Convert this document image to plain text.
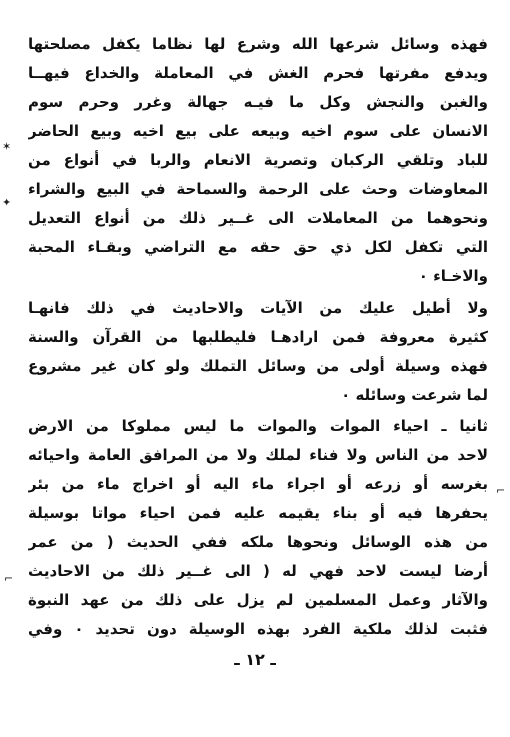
فهذه وسائل شرعها الله وشرع لها نظاما يكفل مصلحتها
ويدفع مفرتها فحرم الغش في المعاملة والخداع فيهــا
والغبن والنجش وكل ما فيـه جهالة وغرر وحرم سوم
الانسان على سوم اخيه وبيعه على بيع اخيه وبيع الحاضر
للباد وتلقي الركبان وتصرية الانعام والربا في أنواع من
المعاوضات وحث على الرحمة والسماحة في البيع والشراء
ونحوهما من المعاملات الى غــير ذلك من أنواع التعديل
التي تكفل لكل ذي حق حقه مع التراضي وبقـاء المحبة
والاخـاء ٠
ولا أطيل عليك من الآيات والاحاديث في ذلك فانهـا
كثيرة معروفة فمن ارادهـا فليطلبها من القرآن والسنة
فهذه وسيلة أولى من وسائل التملك ولو كان غير مشروع
لما شرعت وسائله ٠
ثانيا ـ احياء الموات والموات ما ليس مملوكا من الارض
لاحد من الناس ولا فناء لملك ولا من المرافق العامة واحيائه
بغرسه أو زرعه أو اجراء ماء اليه أو اخراج ماء من بئر
يحفرها فيه أو بناء يقيمه عليه فمن احياء مواتا بوسيلة
من هذه الوسائل ونحوها ملكه ففي الحديث ( من عمر
أرضا ليست لاحد فهي له ( الى غــير ذلك من الاحاديث
والآثار وعمل المسلمين لم يزل على ذلك من عهد النبوة
فثبت لذلك ملكية الفرد بهذه الوسيلة دون تحديد ٠ وفي
ـ ١٢ ـ
✶
✦
⌐
⌐
